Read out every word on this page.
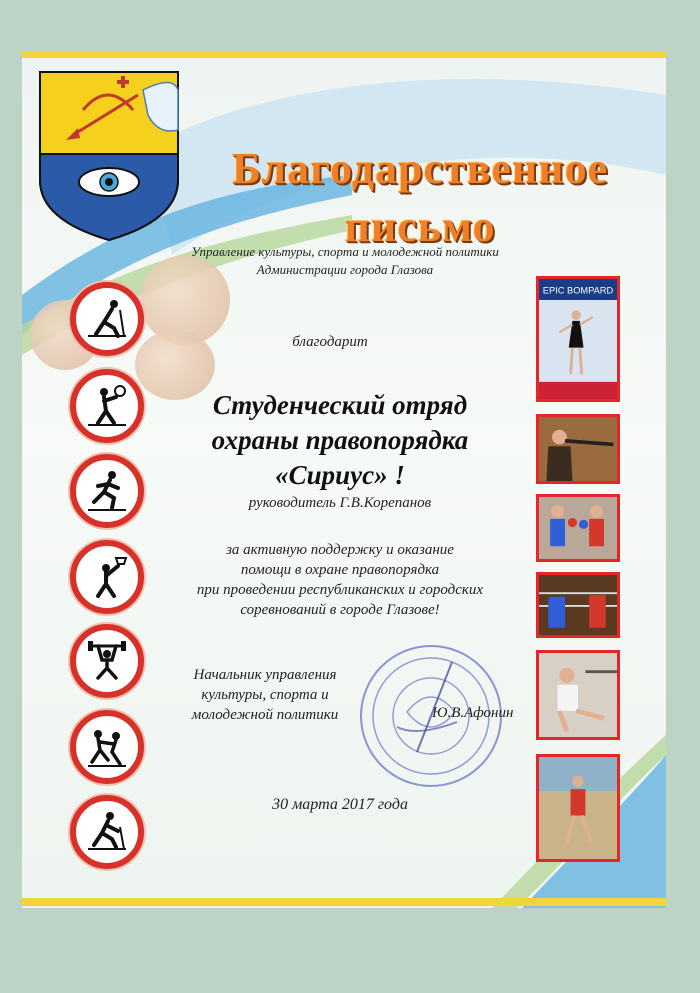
Благодарственное
письмо
Управление культуры, спорта и молодежной политики
Администрации города Глазова
благодарит
Студенческий отряд
охраны правопорядка
«Сириус» !
руководитель Г.В.Корепанов
за активную поддержку и оказание
помощи в охране правопорядка
при проведении республиканских и городских
соревнований в городе Глазове!
Начальник управления
культуры, спорта и
молодежной политики	Ю.В.Афонин
30 марта 2017 года
EPIC BOMPARD
